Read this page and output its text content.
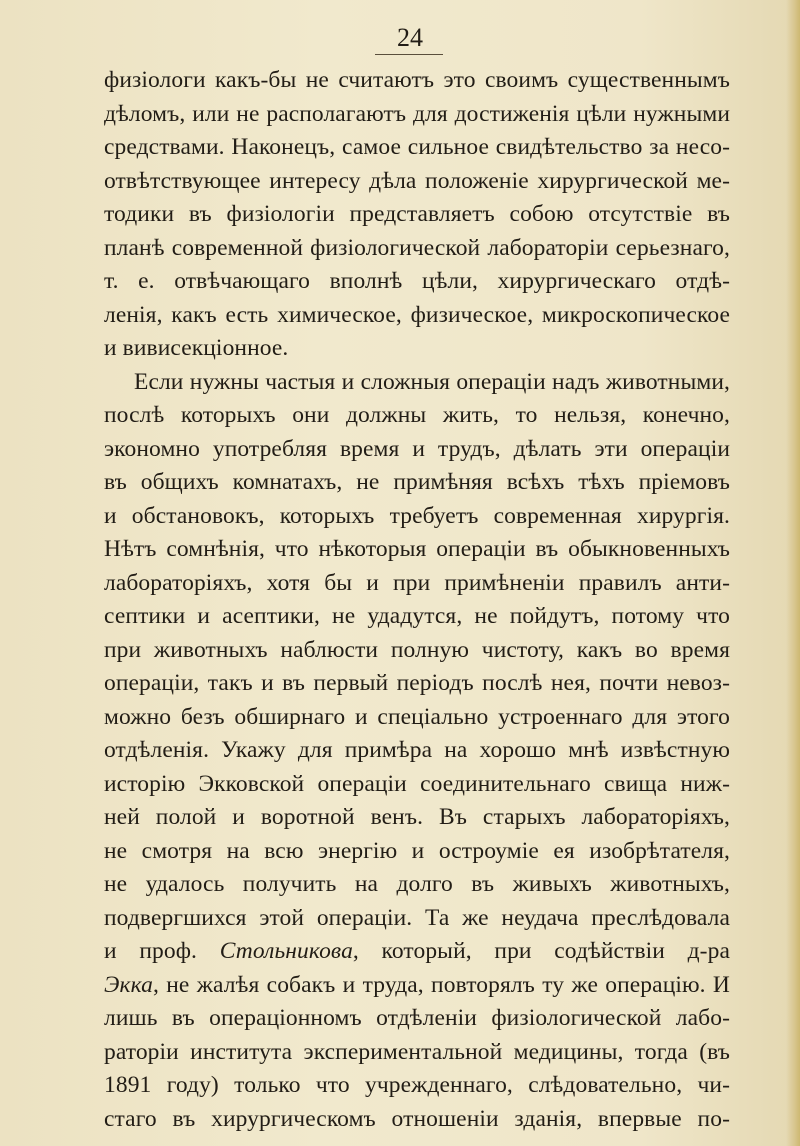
24
физіологи какъ-бы не считаютъ это своимъ существеннымъ
дѣломъ, или не располагаютъ для достиженія цѣли нужными
средствами. Наконецъ, самое сильное свидѣтельство за несо-
отвѣтствующее интересу дѣла положеніе хирургической ме-
тодики въ физіологіи представляетъ собою отсутствіе въ
планѣ современной физіологической лабораторіи серьезнаго,
т. е. отвѣчающаго вполнѣ цѣли, хирургическаго отдѣ-
ленія, какъ есть химическое, физическое, микроскопическое
и вивисекціонное.
Если нужны частыя и сложныя операціи надъ животными,
послѣ которыхъ они должны жить, то нельзя, конечно,
экономно употребляя время и трудъ, дѣлать эти операціи
въ общихъ комнатахъ, не примѣняя всѣхъ тѣхъ пріемовъ
и обстановокъ, которыхъ требуетъ современная хирургія.
Нѣтъ сомнѣнія, что нѣкоторыя операціи въ обыкновенныхъ
лабораторіяхъ, хотя бы и при примѣненіи правилъ анти-
септики и асептики, не удадутся, не пойдутъ, потому что
при животныхъ наблюсти полную чистоту, какъ во время
операціи, такъ и въ первый періодъ послѣ нея, почти невоз-
можно безъ обширнаго и спеціально устроеннаго для этого
отдѣленія. Укажу для примѣра на хорошо мнѣ извѣстную
исторію Экковской операціи соединительнаго свища ниж-
ней полой и воротной венъ. Въ старыхъ лабораторіяхъ,
не смотря на всю энергію и остроуміе ея изобрѣтателя,
не удалось получить на долго въ живыхъ животныхъ,
подвергшихся этой операціи. Та же неудача преслѣдовала
и проф. Стольникова, который, при содѣйствіи д-ра
Экка, не жалѣя собакъ и труда, повторялъ ту же операцію. И
лишь въ операціонномъ отдѣленіи физіологической лабо-
раторіи института экспериментальной медицины, тогда (въ
1891 году) только что учрежденнаго, слѣдовательно, чи-
стаго въ хирургическомъ отношеніи зданія, впервые по-
